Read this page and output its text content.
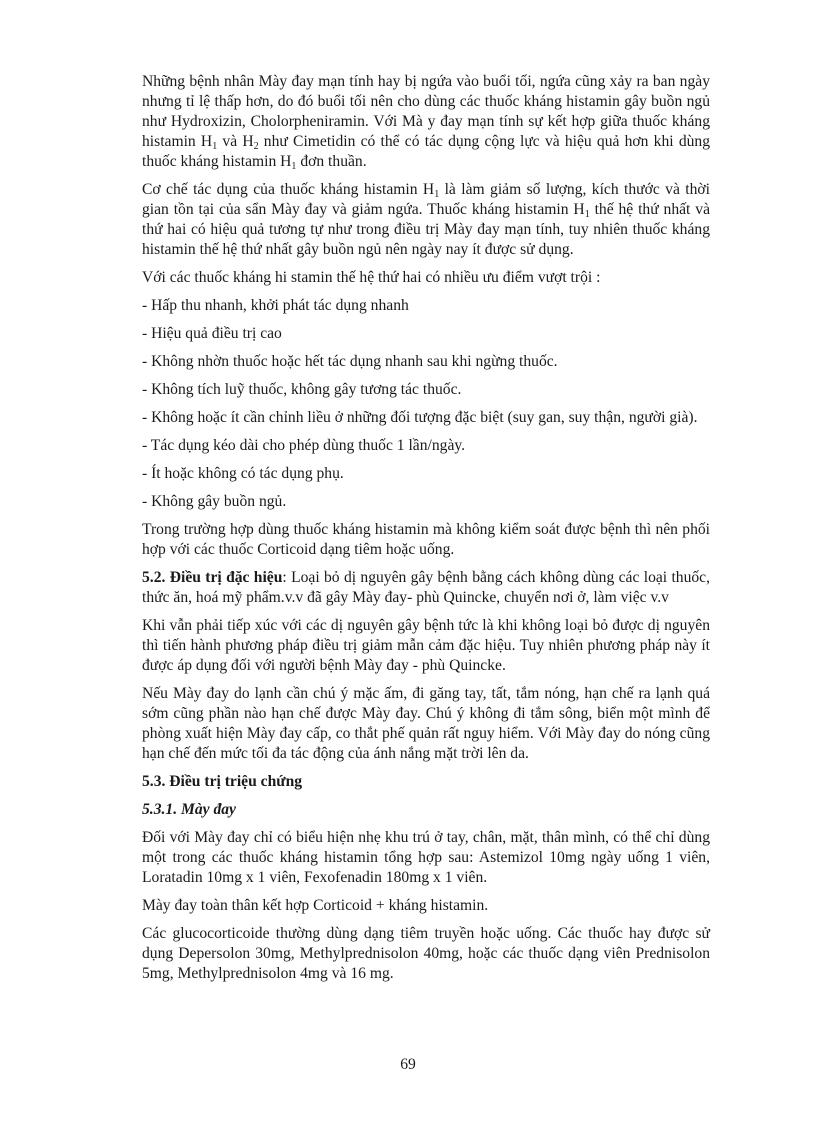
Những bệnh nhân Mày đay mạn tính hay bị ngứa vào buổi tối, ngứa cũng xảy ra ban ngày nhưng tỉ lệ thấp hơn, do đó buổi tối nên cho dùng các thuốc kháng histamin gây buồn ngủ như Hydroxizin, Cholorpheniramin. Với Mà y đay mạn tính sự kết hợp giữa thuốc kháng histamin $H_1$ và $H_2$ như Cimetidin có thể có tác dụng cộng lực và hiệu quả hơn khi dùng thuốc kháng histamin $H_1$ đơn thuần.

Cơ chế tác dụng của thuốc kháng histamin $H_1$ là làm giảm số lượng, kích thước và thời gian tồn tại của sẩn Mày đay và giảm ngứa. Thuốc kháng histamin $H_1$ thế hệ thứ nhất và thứ hai có hiệu quả tương tự như trong điều trị Mày đay mạn tính, tuy nhiên thuốc kháng histamin thế hệ thứ nhất gây buồn ngủ nên ngày nay ít được sử dụng.

Với các thuốc kháng hi stamin thế hệ thứ hai có nhiều ưu điểm vượt trội :

- Hấp thu nhanh, khởi phát tác dụng nhanh

- Hiệu quả điều trị cao

- Không nhờn thuốc hoặc hết tác dụng nhanh sau khi ngừng thuốc.

- Không tích luỹ thuốc, không gây tương tác thuốc.

- Không hoặc ít cần chỉnh liều ở những đối tượng đặc biệt (suy gan, suy thận, người già).

- Tác dụng kéo dài cho phép dùng thuốc 1 lần/ngày.

- Ít hoặc không có tác dụng phụ.

- Không gây buồn ngủ.

Trong trường hợp dùng thuốc kháng histamin mà không kiểm soát được bệnh thì nên phối hợp với các thuốc Corticoid dạng tiêm hoặc uống.

5.2. Điều trị đặc hiệu: Loại bỏ dị nguyên gây bệnh bằng cách không dùng các loại thuốc, thức ăn, hoá mỹ phẩm.v.v đã gây Mày đay- phù Quincke, chuyển nơi ở, làm việc v.v

Khi vẫn phải tiếp xúc với các dị nguyên gây bệnh tức là khi không loại bỏ được dị nguyên thì tiến hành phương pháp điều trị giảm mẫn cảm đặc hiệu. Tuy nhiên phương pháp này ít được áp dụng đối với người bệnh Mày đay - phù Quincke.

Nếu Mày đay do lạnh cần chú ý mặc ấm, đi găng tay, tất, tắm nóng, hạn chế ra lạnh quá sớm cũng phần nào hạn chế được Mày đay. Chú ý không đi tắm sông, biển một mình để phòng xuất hiện Mày đay cấp, co thắt phế quản rất nguy hiểm. Với Mày đay do nóng cũng hạn chế đến mức tối đa tác động của ánh nắng mặt trời lên da.

5.3. Điều trị triệu chứng

5.3.1. Mày đay

Đối với Mày đay chỉ có biểu hiện nhẹ khu trú ở tay, chân, mặt, thân mình, có thể chỉ dùng một trong các thuốc kháng histamin tổng hợp sau: Astemizol 10mg ngày uống 1 viên, Loratadin 10mg x 1 viên, Fexofenadin 180mg x 1 viên.

Mày đay toàn thân kết hợp Corticoid + kháng histamin.

Các glucocorticoide thường dùng dạng tiêm truyền hoặc uống. Các thuốc hay được sử dụng Depersolon 30mg, Methylprednisolon 40mg, hoặc các thuốc dạng viên Prednisolon 5mg, Methylprednisolon 4mg và 16 mg.

69
